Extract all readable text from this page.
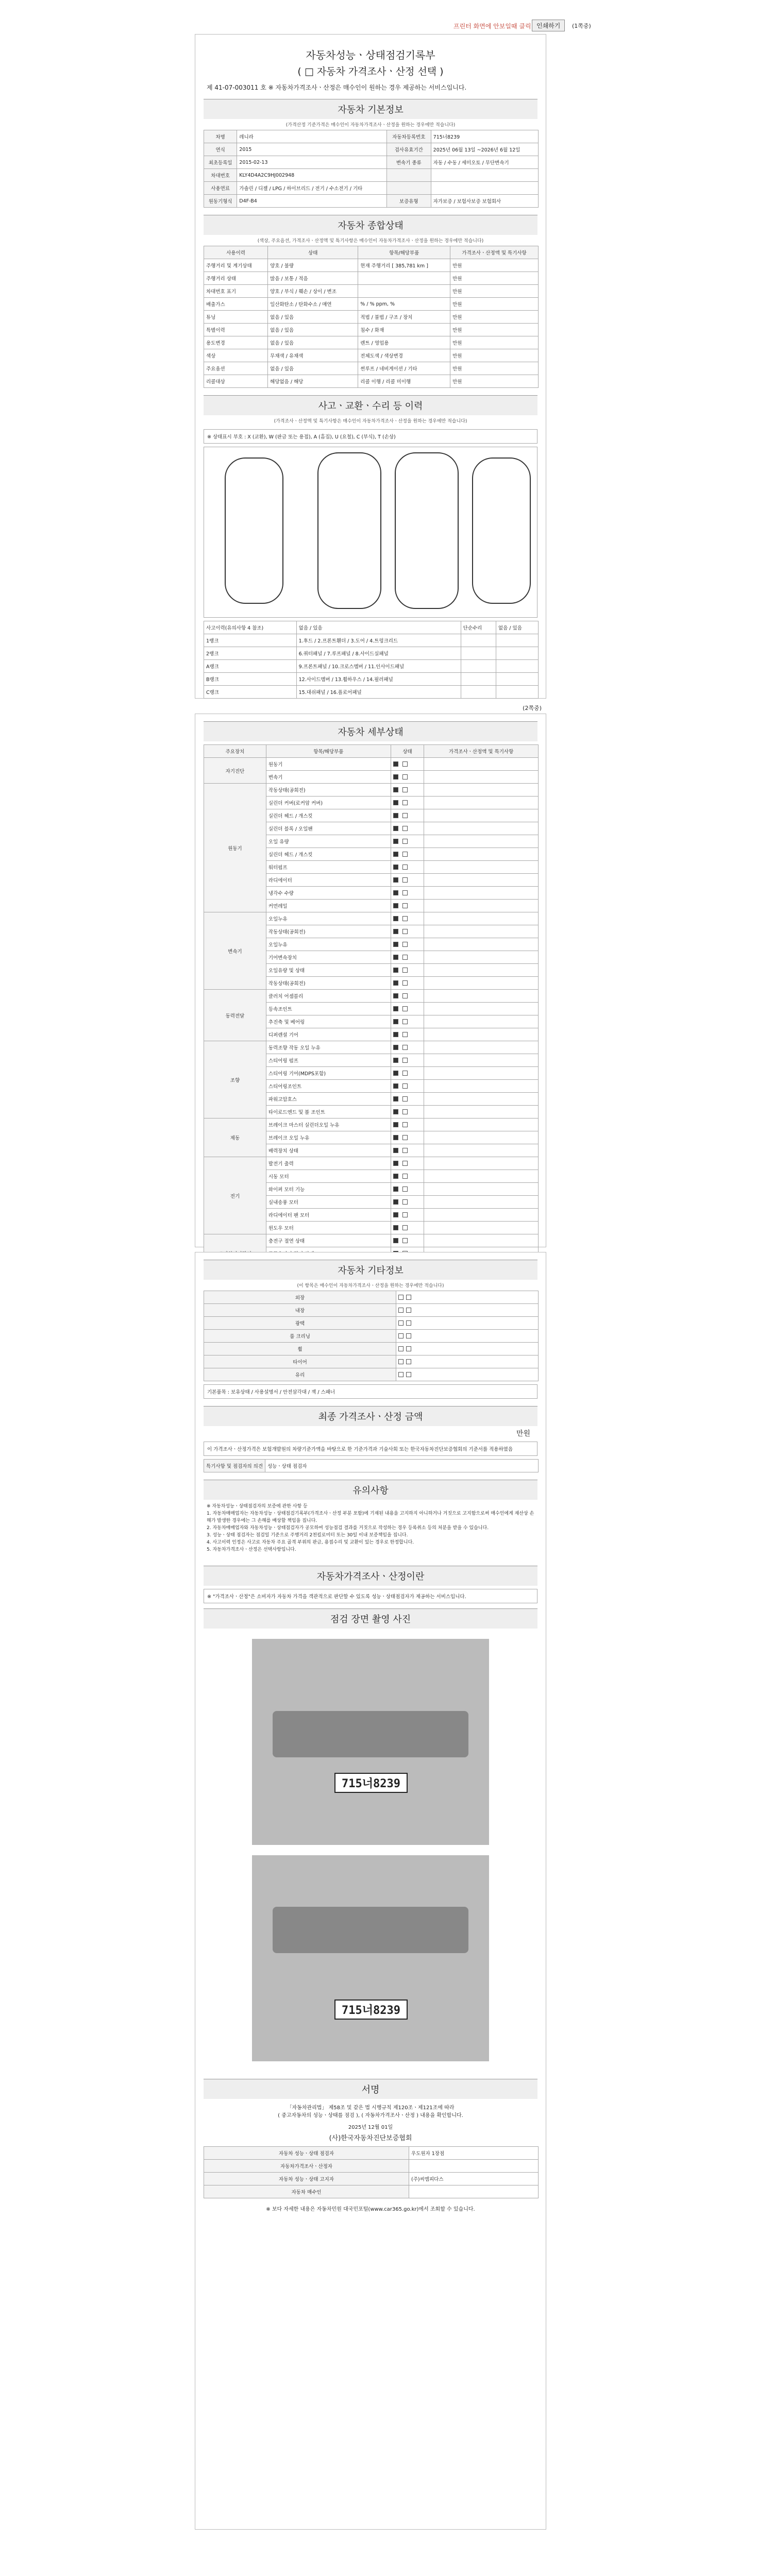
프린터 화면에 안보일때 클릭 인쇄하기	(1쪽중)
자동차성능ㆍ상태점검기록부
( □ 자동차 가격조사ㆍ산정 선택 )
제 41-07-003011 호 ※ 자동차가격조사ㆍ산정은 매수인이 원하는 경우 제공하는 서비스입니다.
자동차 기본정보
(가격산정 기준가격은 매수인이 자동차가격조사ㆍ산정을 원하는 경우에만 적습니다)
차명	레니라	자동차등록번호	715너8239
연식	2015	검사유효기간	2025년 06월 13일 ~2026년 6월 12일
최초등록일	2015-02-13	변속기 종류	자동 / 수동 / 세미오토 / 무단변속기
차대번호	KLY4D4A2C9HJ002948		
사용연료	가솔린 / 디젤 / LPG / 하이브리드 / 전기 / 수소전기 / 기타		
원동기형식	D4F-B4	보증유형	자가보증 / 보험사보증 보험회사
자동차 종합상태
(색상, 주요옵션, 가격조사ㆍ산정액 및 특기사항은 매수인이 자동차가격조사ㆍ산정을 원하는 경우에만 적습니다)
사용이력	상태	항목/해당부품	가격조사ㆍ산정액 및 특기사항
주행거리 및 계기상태	양호 / 불량	현재 주행거리 [ 385,781 km ]	만원
주행거리 상태	많음 / 보통 / 적음		만원
차대번호 표기	양호 / 부식 / 훼손 / 상이 / 변조		만원
배출가스	일산화탄소 / 탄화수소 / 매연	% / % ppm, %	만원
튜닝	없음 / 있음	적법 / 불법 / 구조 / 장치	만원
특별이력	없음 / 있음	침수 / 화재	만원
용도변경	없음 / 있음	렌트 / 영업용	만원
색상	무채색 / 유채색	전체도색 / 색상변경	만원
주요옵션	없음 / 있음	썬루프 / 네비게이션 / 기타	만원
리콜대상	해당없음 / 해당	리콜 이행 / 리콜 미이행	만원
사고ㆍ교환ㆍ수리 등 이력
(가격조사ㆍ산정액 및 특기사항은 매수인이 자동차가격조사ㆍ산정을 원하는 경우에만 적습니다)
※ 상태표시 부호 : X (교환), W (판금 또는 용접), A (흠집), U (요철), C (부식), T (손상)
사고이력(유의사항 4 참조)	없음 / 있음	단순수리	없음 / 있음
1랭크	1.후드 / 2.프론트휀더 / 3.도어 / 4.트렁크리드		
2랭크	6.쿼터패널 / 7.루프패널 / 8.사이드실패널		
A랭크	9.프론트패널 / 10.크로스멤버 / 11.인사이드패널		
B랭크	12.사이드멤버 / 13.휠하우스 / 14.필러패널		
C랭크	15.대쉬패널 / 16.플로어패널		
(2쪽중)
자동차 세부상태
주요장치	항목/해당부품	상태	가격조사ㆍ산정액 및 특기사항
자기진단	원동기		
	변속기		
원동기	작동상태(공회전)		
	실린더 커버(로커암 커버)		
	실린더 헤드 / 개스킷		
	실린더 블록 / 오일팬		
	오일 유량		
	실린더 헤드 / 개스킷		
	워터펌프		
	라디에이터		
	냉각수 수량		
	커먼레일		
변속기	오일누유		
	작동상태(공회전)		
	오일누유		
	기어변속장치		
	오일유량 및 상태		
	작동상태(공회전)		
동력전달	클러치 어셈블리		
	등속조인트		
	추진축 및 베어링		
	디퍼렌셜 기어		
조향	동력조향 작동 오일 누유		
	스티어링 펌프		
	스티어링 기어(MDPS포함)		
	스티어링조인트		
	파워고압호스		
	타이로드엔드 및 볼 조인트		
제동	브레이크 마스터 실린더오일 누유		
	브레이크 오일 누유		
	배력장치 상태		
전기	발전기 출력		
	시동 모터		
	와이퍼 모터 기능		
	실내송풍 모터		
	라디에이터 팬 모터		
	윈도우 모터		
	충전구 절연 상태		

자동차 기타정보
(이 항목은 매수인이 자동차가격조사ㆍ산정을 원하는 경우에만 적습니다)
외장	
내장	
광택	
룸 크리닝	
휠	
타이어	
유리	
기본품목 : 보유상태 / 사용설명서 / 안전삼각대 / 잭 / 스패너
최종 가격조사ㆍ산정 금액
만원
이 가격조사ㆍ산정가격은 보험개발원의 차량기준가액을 바탕으로 한 기준가격과 기술사회 또는 한국자동차진단보증협회의 기준서를 적용하였음
특기사항 및 점검자의 의견	성능ㆍ상태 점검자
유의사항
※ 자동차성능ㆍ상태점검자의 보증에 관한 사항 등
1. 자동차매매업자는 자동차성능ㆍ상태점검기록부(가격조사ㆍ산정 부분 포함)에 기재된 내용을 고지하지 아니하거나 거짓으로 고지함으로써 매수인에게 재산상 손해가 발생한 경우에는 그 손해를 배상할 책임을 집니다.
2. 자동차매매업자와 자동차성능ㆍ상태점검자가 공모하여 성능점검 결과를 거짓으로 작성하는 경우 등록취소 등의 처분을 받을 수 있습니다.
3. 성능ㆍ상태 점검자는 점검일 기준으로 주행거리 2천킬로미터 또는 30일 이내 보증책임을 집니다.
4. 사고이력 인정은 사고로 자동차 주요 골격 부위의 판금, 용접수리 및 교환이 있는 경우로 한정합니다.
5. 자동차가격조사ㆍ산정은 선택사항입니다.
자동차가격조사ㆍ산정이란
※ "가격조사ㆍ산정"은 소비자가 자동차 가격을 객관적으로 판단할 수 있도록 성능ㆍ상태점검자가 제공하는 서비스입니다.
점검 장면 촬영 사진
715너8239
715너8239
서명
「자동차관리법」 제58조 및 같은 법 시행규칙 제120조ㆍ제121조에 따라
( 중고자동차의 성능ㆍ상태를 점검 ), ( 자동차가격조사ㆍ산정 ) 내용을 확인합니다.
2025년 12월 01일
(사)한국자동차진단보증협회
자동차 성능ㆍ상태 점검자	우도원자 1장점
자동차가격조사ㆍ산정자	
자동차 성능ㆍ상태 고지자	(주)씨엠피다스
자동차 매수인	
※ 보다 자세한 내용은 자동차민원 대국민포털(www.car365.go.kr)에서 조회할 수 있습니다.
